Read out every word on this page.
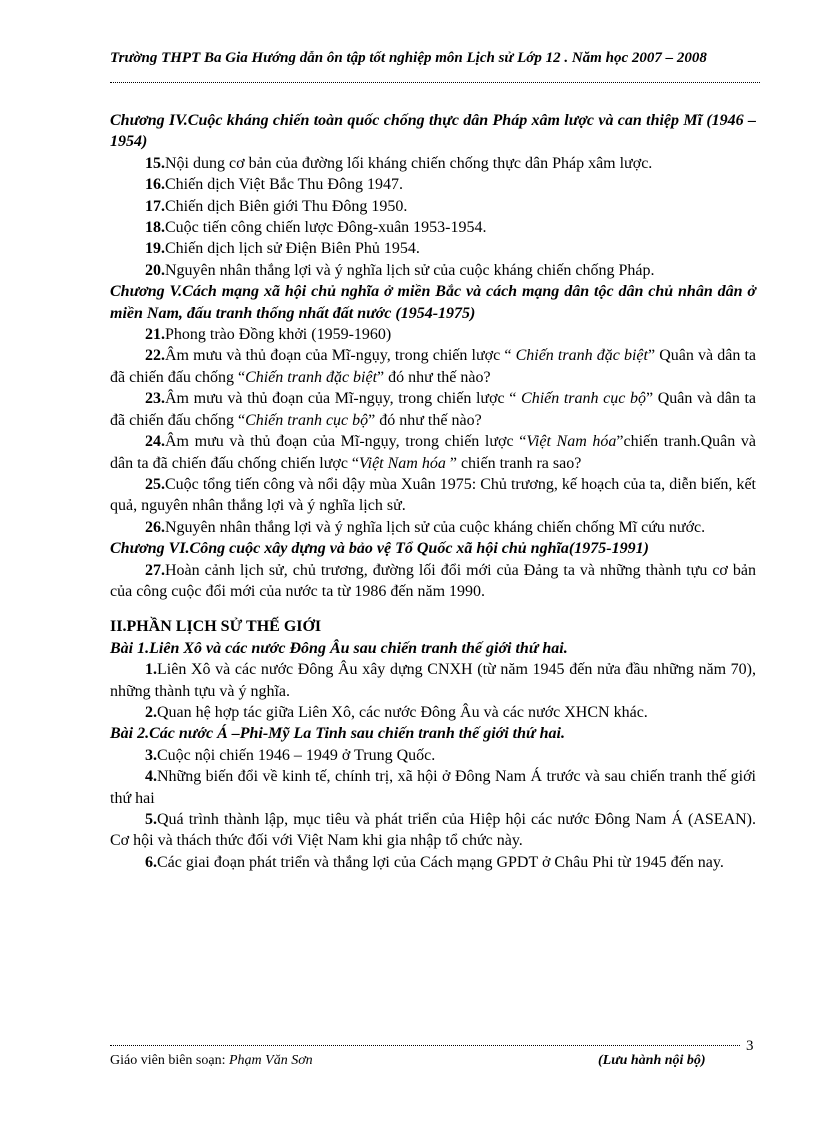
Trường THPT Ba Gia Hướng dẫn ôn tập tốt nghiệp môn Lịch sử Lớp 12 . Năm học 2007 – 2008
Chương IV.Cuộc kháng chiến toàn quốc chống thực dân Pháp xâm lược và can thiệp Mĩ (1946 – 1954)
15.Nội dung cơ bản của đường lối kháng chiến chống thực dân Pháp xâm lược.
16.Chiến dịch Việt Bắc Thu Đông 1947.
17.Chiến dịch Biên giới Thu Đông 1950.
18.Cuộc tiến công chiến lược Đông-xuân 1953-1954.
19.Chiến dịch lịch sử Điện Biên Phủ 1954.
20.Nguyên nhân thắng lợi và ý nghĩa lịch sử của cuộc kháng chiến chống Pháp.
Chương V.Cách mạng xã hội chủ nghĩa ở miền Bắc và cách mạng dân tộc dân chủ nhân dân ở miền Nam, đấu tranh thống nhất đất nước (1954-1975)
21.Phong trào Đồng khởi (1959-1960)
22.Âm mưu và thủ đoạn của Mĩ-ngụy, trong chiến lược “ Chiến tranh đặc biệt” Quân và dân ta đã chiến đấu chống “Chiến tranh đặc biệt” đó như thế nào?
23.Âm mưu và thủ đoạn của Mĩ-ngụy, trong chiến lược “ Chiến tranh cục bộ” Quân và dân ta đã chiến đấu chống “Chiến tranh cục bộ” đó như thế nào?
24.Âm mưu và thủ đoạn của Mĩ-ngụy, trong chiến lược “Việt Nam hóa”chiến tranh.Quân và dân ta đã chiến đấu chống chiến lược “Việt Nam hóa ” chiến tranh ra sao?
25.Cuộc tổng tiến công và nổi dậy mùa Xuân 1975: Chủ trương, kế hoạch của ta, diễn biến, kết quả, nguyên nhân thắng lợi và ý nghĩa lịch sử.
26.Nguyên nhân thắng lợi và ý nghĩa lịch sử của cuộc kháng chiến chống Mĩ cứu nước.
Chương VI.Công cuộc xây dựng và bảo vệ Tổ Quốc xã hội chủ nghĩa(1975-1991)
27.Hoàn cảnh lịch sử, chủ trương, đường lối đổi mới của Đảng ta và những thành tựu cơ bản của công cuộc đổi mới của nước ta từ 1986 đến năm 1990.
II.PHẦN LỊCH SỬ THẾ GIỚI
Bài 1.Liên Xô và các nước Đông Âu sau chiến tranh thế giới thứ hai.
1.Liên Xô và các nước Đông Âu xây dựng CNXH (từ năm 1945 đến nửa đầu những năm 70), những thành tựu và ý nghĩa.
2.Quan hệ hợp tác giữa Liên Xô, các nước Đông Âu và các nước XHCN khác.
Bài 2.Các nước Á –Phi-Mỹ La Tinh sau chiến tranh thế giới thứ hai.
3.Cuộc nội chiến 1946 – 1949 ở Trung Quốc.
4.Những biến đổi về kinh tế, chính trị, xã hội ở Đông Nam Á trước và sau chiến tranh thế giới thứ hai
5.Quá trình thành lập, mục tiêu và phát triển của Hiệp hội các nước Đông Nam Á (ASEAN). Cơ hội và thách thức đối với Việt Nam khi gia nhập tổ chức này.
6.Các giai đoạn phát triển và thắng lợi của Cách mạng GPDT ở Châu Phi từ 1945 đến nay.
3
Giáo viên biên soạn: Phạm Văn Sơn	(Lưu hành nội bộ)
